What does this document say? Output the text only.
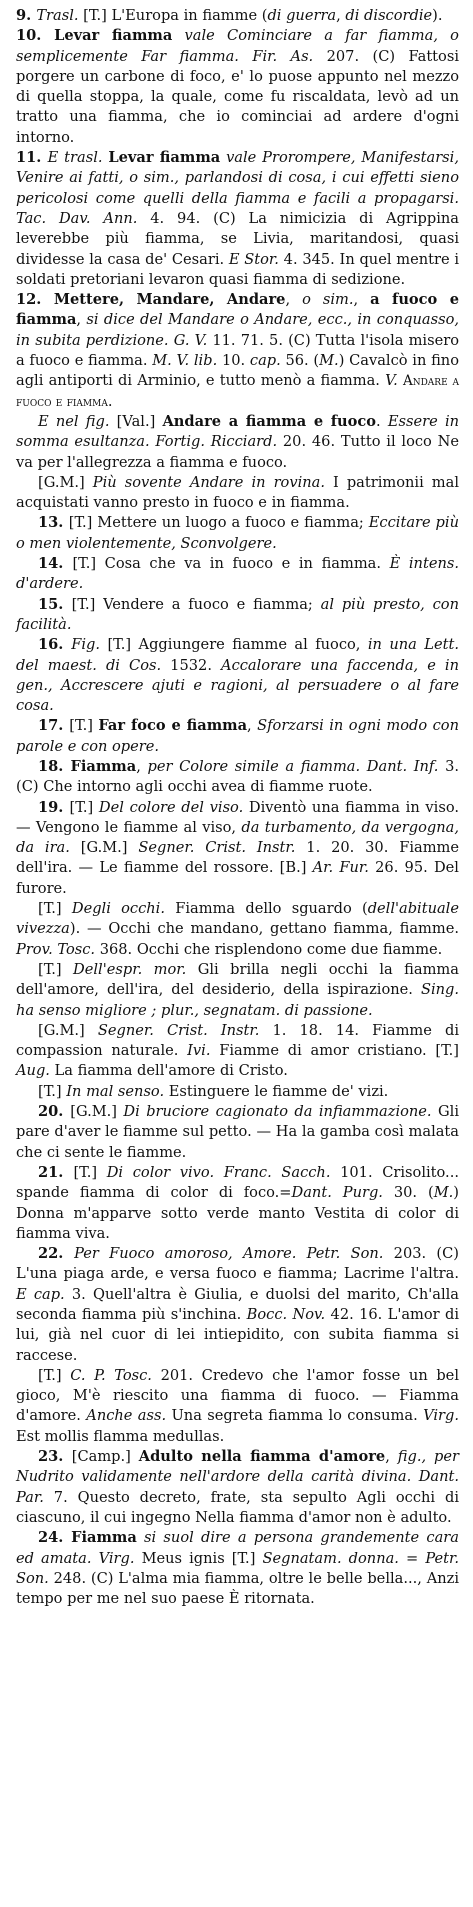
9. Trasl. [T.] L'Europa in fiamme (di guerra, di discordie).

10. Levar fiamma vale Cominciare a far fiamma, o semplicemente Far fiamma. Fir. As. 207. (C) Fattosi porgere un carbone di foco, e' lo puose appunto nel mezzo di quella stoppa, la quale, come fu riscaldata, levò ad un tratto una fiamma, che io cominciai ad ardere d'ogni intorno.

11. E trasl. Levar fiamma vale Prorompere, Manifestarsi, Venire ai fatti, o sim., parlandosi di cosa, i cui effetti sieno pericolosi come quelli della fiamma e facili a propagarsi. Tac. Dav. Ann. 4. 94. (C) La nimicizia di Agrippina leverebbe più fiamma, se Livia, maritandosi, quasi dividesse la casa de' Cesari. E Stor. 4. 345. In quel mentre i soldati pretoriani levaron quasi fiamma di sedizione.

12. Mettere, Mandare, Andare, o sim., a fuoco e fiamma, si dice del Mandare o Andare, ecc., in conquasso, in subita perdizione. G. V. 11. 71. 5. (C) Tutta l'isola misero a fuoco e fiamma. M. V. lib. 10. cap. 56. (M.) Cavalcò in fino agli antiporti di Arminio, e tutto menò a fiamma. V. Andare a fuoco e fiamma.

E nel fig. [Val.] Andare a fiamma e fuoco. Essere in somma esultanza. Fortig. Ricciard. 20. 46. Tutto il loco Ne va per l'allegrezza a fiamma e fuoco.

[G.M.] Più sovente Andare in rovina. I patrimonii mal acquistati vanno presto in fuoco e in fiamma.

13. [T.] Mettere un luogo a fuoco e fiamma; Eccitare più o men violentemente, Sconvolgere.

14. [T.] Cosa che va in fuoco e in fiamma. È intens. d'ardere.

15. [T.] Vendere a fuoco e fiamma; al più presto, con facilità.

16. Fig. [T.] Aggiungere fiamme al fuoco, in una Lett. del maest. di Cos. 1532. Accalorare una faccenda, e in gen., Accrescere ajuti e ragioni, al persuadere o al fare cosa.

17. [T.] Far foco e fiamma, Sforzarsi in ogni modo con parole e con opere.

18. Fiamma, per Colore simile a fiamma. Dant. Inf. 3. (C) Che intorno agli occhi avea di fiamme ruote.

19. [T.] Del colore del viso. Diventò una fiamma in viso. — Vengono le fiamme al viso, da turbamento, da vergogna, da ira. [G.M.] Segner. Crist. Instr. 1. 20. 30. Fiamme dell'ira. — Le fiamme del rossore. [B.] Ar. Fur. 26. 95. Del furore.

[T.] Degli occhi. Fiamma dello sguardo (dell'abituale vivezza). — Occhi che mandano, gettano fiamma, fiamme. Prov. Tosc. 368. Occhi che risplendono come due fiamme.

[T.] Dell'espr. mor. Gli brilla negli occhi la fiamma dell'amore, dell'ira, del desiderio, della ispirazione. Sing. ha senso migliore ; plur., segnatam. di passione.

[G.M.] Segner. Crist. Instr. 1. 18. 14. Fiamme di compassion naturale. Ivi. Fiamme di amor cristiano. [T.] Aug. La fiamma dell'amore di Cristo.

[T.] In mal senso. Estinguere le fiamme de' vizi.

20. [G.M.] Di bruciore cagionato da infiammazione. Gli pare d'aver le fiamme sul petto. — Ha la gamba così malata che ci sente le fiamme.

21. [T.] Di color vivo. Franc. Sacch. 101. Crisolito... spande fiamma di color di foco.=Dant. Purg. 30. (M.) Donna m'apparve sotto verde manto Vestita di color di fiamma viva.

22. Per Fuoco amoroso, Amore. Petr. Son. 203. (C) L'una piaga arde, e versa fuoco e fiamma; Lacrime l'altra. E cap. 3. Quell'altra è Giulia, e duolsi del marito, Ch'alla seconda fiamma più s'inchina. Bocc. Nov. 42. 16. L'amor di lui, già nel cuor di lei intiepidito, con subita fiamma si raccese.

[T.] C. P. Tosc. 201. Credevo che l'amor fosse un bel gioco, M'è riescito una fiamma di fuoco. — Fiamma d'amore. Anche ass. Una segreta fiamma lo consuma. Virg. Est mollis flamma medullas.

23. [Camp.] Adulto nella fiamma d'amore, fig., per Nudrito validamente nell'ardore della carità divina. Dant. Par. 7. Questo decreto, frate, sta sepulto Agli occhi di ciascuno, il cui ingegno Nella fiamma d'amor non è adulto.

24. Fiamma si suol dire a persona grandemente cara ed amata. Virg. Meus ignis [T.] Segnatam. donna. = Petr. Son. 248. (C) L'alma mia fiamma, oltre le belle bella..., Anzi tempo per me nel suo paese È ritornata.
